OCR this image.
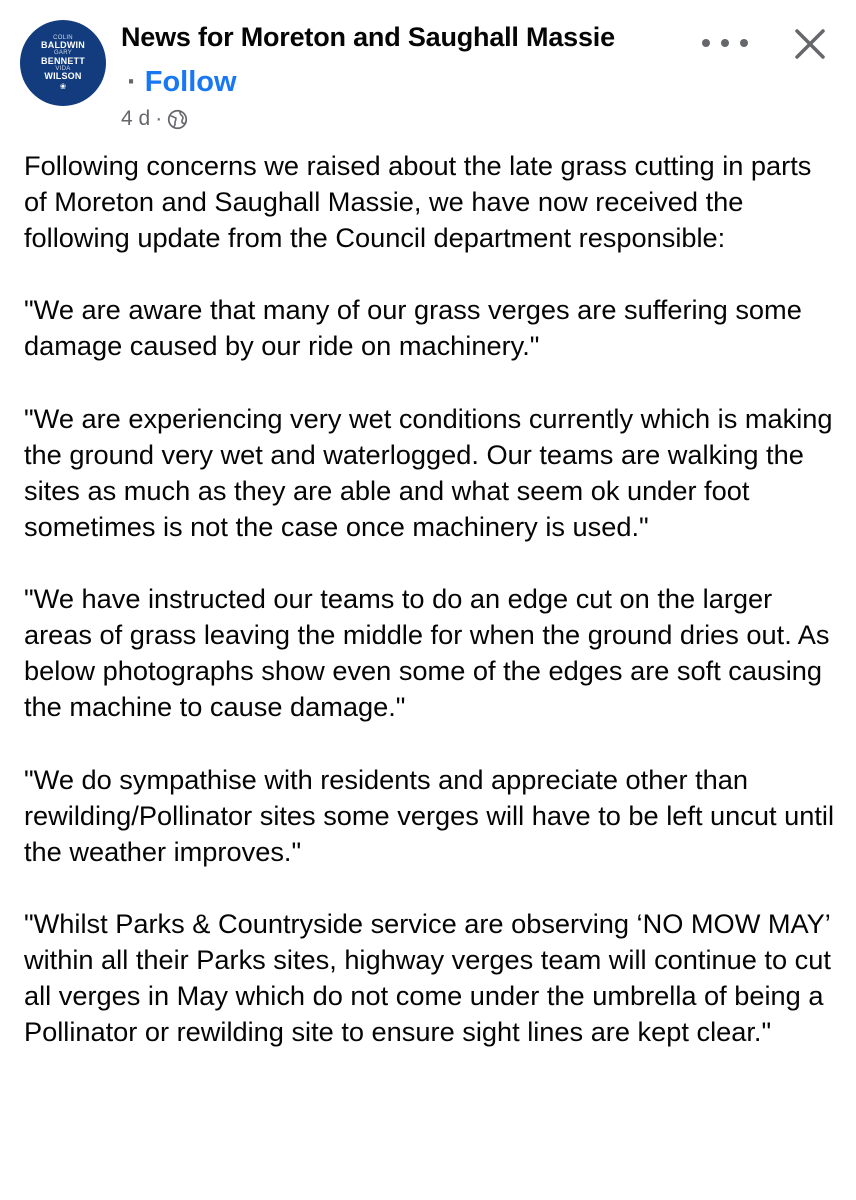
COLIN
BALDWIN
GARY
BENNETT
VIDA
WILSON
❀
News for Moreton and Saughall Massie
· Follow
4 d ·

Following concerns we raised about the late grass cutting in parts of Moreton and Saughall Massie, we have now received the following update from the Council department responsible:

"We are aware that many of our grass verges are suffering some damage caused by our ride on machinery."

"We are experiencing very wet conditions currently which is making the ground very wet and waterlogged. Our teams are walking the sites as much as they are able and what seem ok under foot sometimes is not the case once machinery is used."

"We have instructed our teams to do an edge cut on the larger areas of grass leaving the middle for when the ground dries out. As below photographs show even some of the edges are soft causing the machine to cause damage."

"We do sympathise with residents and appreciate other than rewilding/Pollinator sites some verges will have to be left uncut until the weather improves."

"Whilst Parks & Countryside service are observing ‘NO MOW MAY’ within all their Parks sites, highway verges team will continue to cut all verges in May which do not come under the umbrella of being a Pollinator or rewilding site to ensure sight lines are kept clear."
